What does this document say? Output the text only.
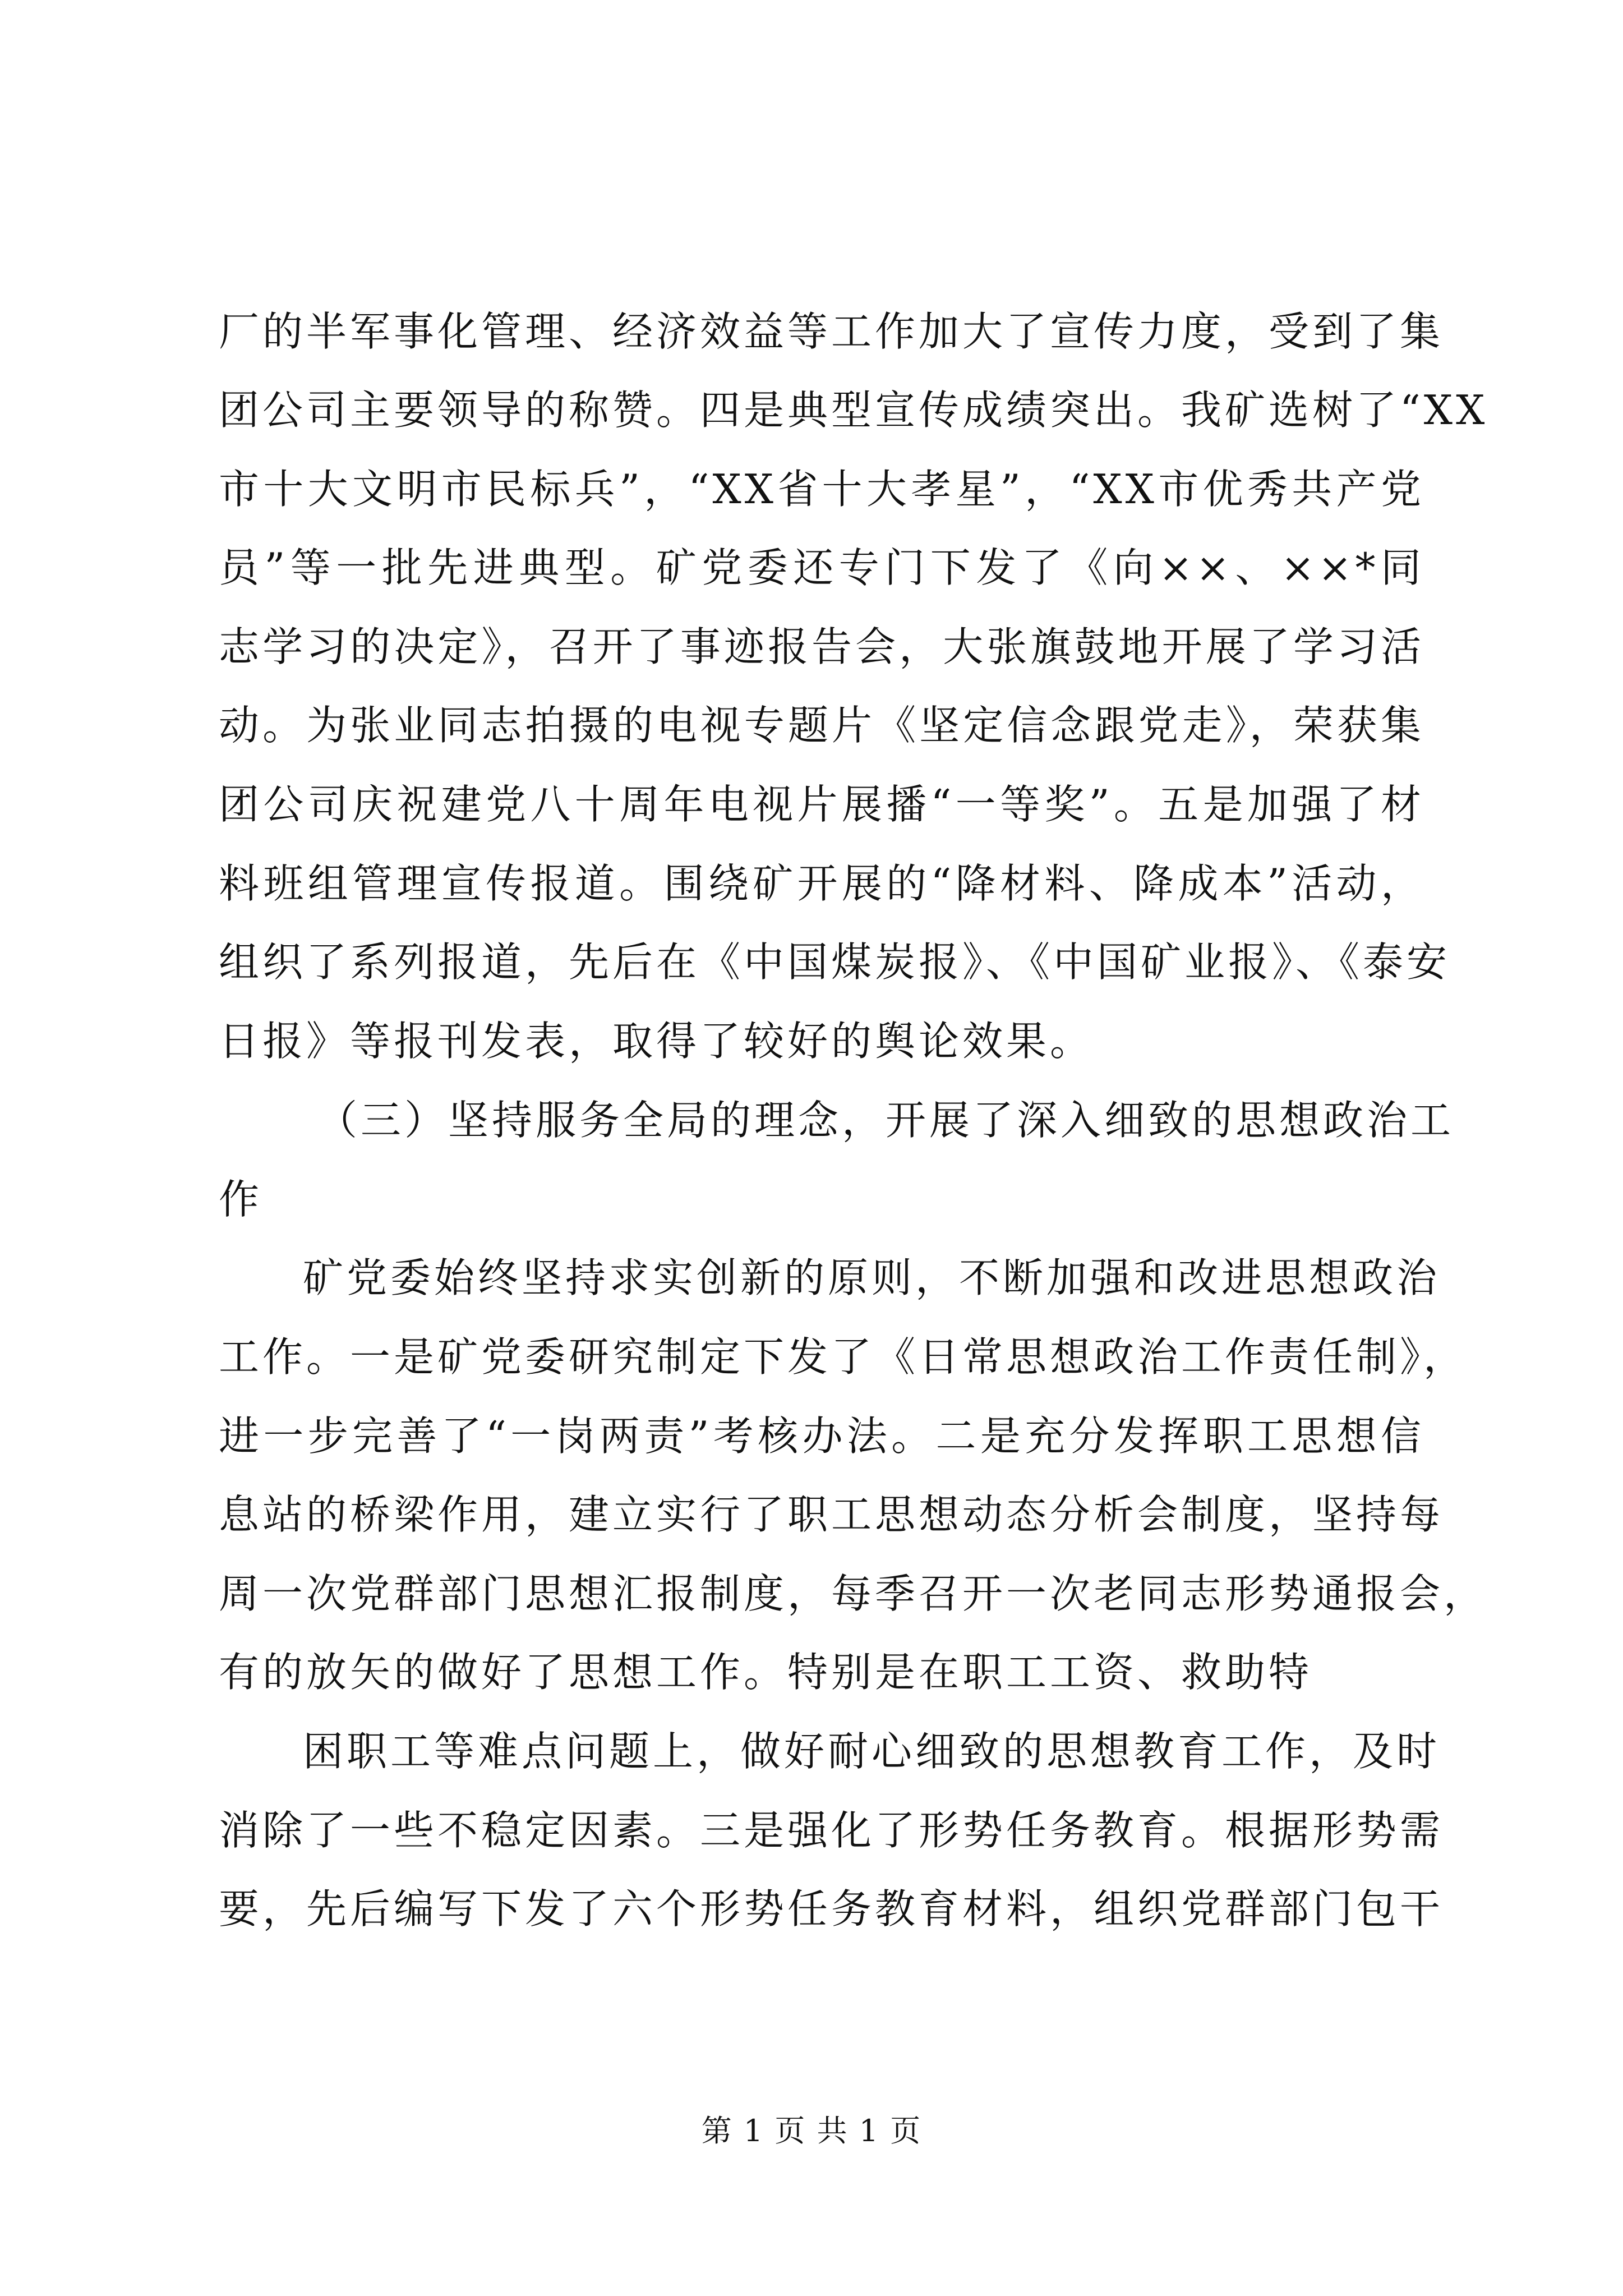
厂的半军事化管理、经济效益等工作加大了宣传力度，受到了集
团公司主要领导的称赞。四是典型宣传成绩突出。我矿选树了“XX
市十大文明市民标兵”，“XX省十大孝星”，“XX市优秀共产党
员”等一批先进典型。矿党委还专门下发了《向××、××*同
志学习的决定》，召开了事迹报告会，大张旗鼓地开展了学习活
动。为张业同志拍摄的电视专题片《坚定信念跟党走》，荣获集
团公司庆祝建党八十周年电视片展播“一等奖”。五是加强了材
料班组管理宣传报道。围绕矿开展的“降材料、降成本”活动，
组织了系列报道，先后在《中国煤炭报》、《中国矿业报》、《泰安
日报》等报刊发表，取得了较好的舆论效果。
（三）坚持服务全局的理念，开展了深入细致的思想政治工
作
矿党委始终坚持求实创新的原则，不断加强和改进思想政治
工作。一是矿党委研究制定下发了《日常思想政治工作责任制》，
进一步完善了“一岗两责”考核办法。二是充分发挥职工思想信
息站的桥梁作用，建立实行了职工思想动态分析会制度，坚持每
周一次党群部门思想汇报制度，每季召开一次老同志形势通报会，
有的放矢的做好了思想工作。特别是在职工工资、救助特
困职工等难点问题上，做好耐心细致的思想教育工作，及时
消除了一些不稳定因素。三是强化了形势任务教育。根据形势需
要，先后编写下发了六个形势任务教育材料，组织党群部门包干
第 1 页 共 1 页
